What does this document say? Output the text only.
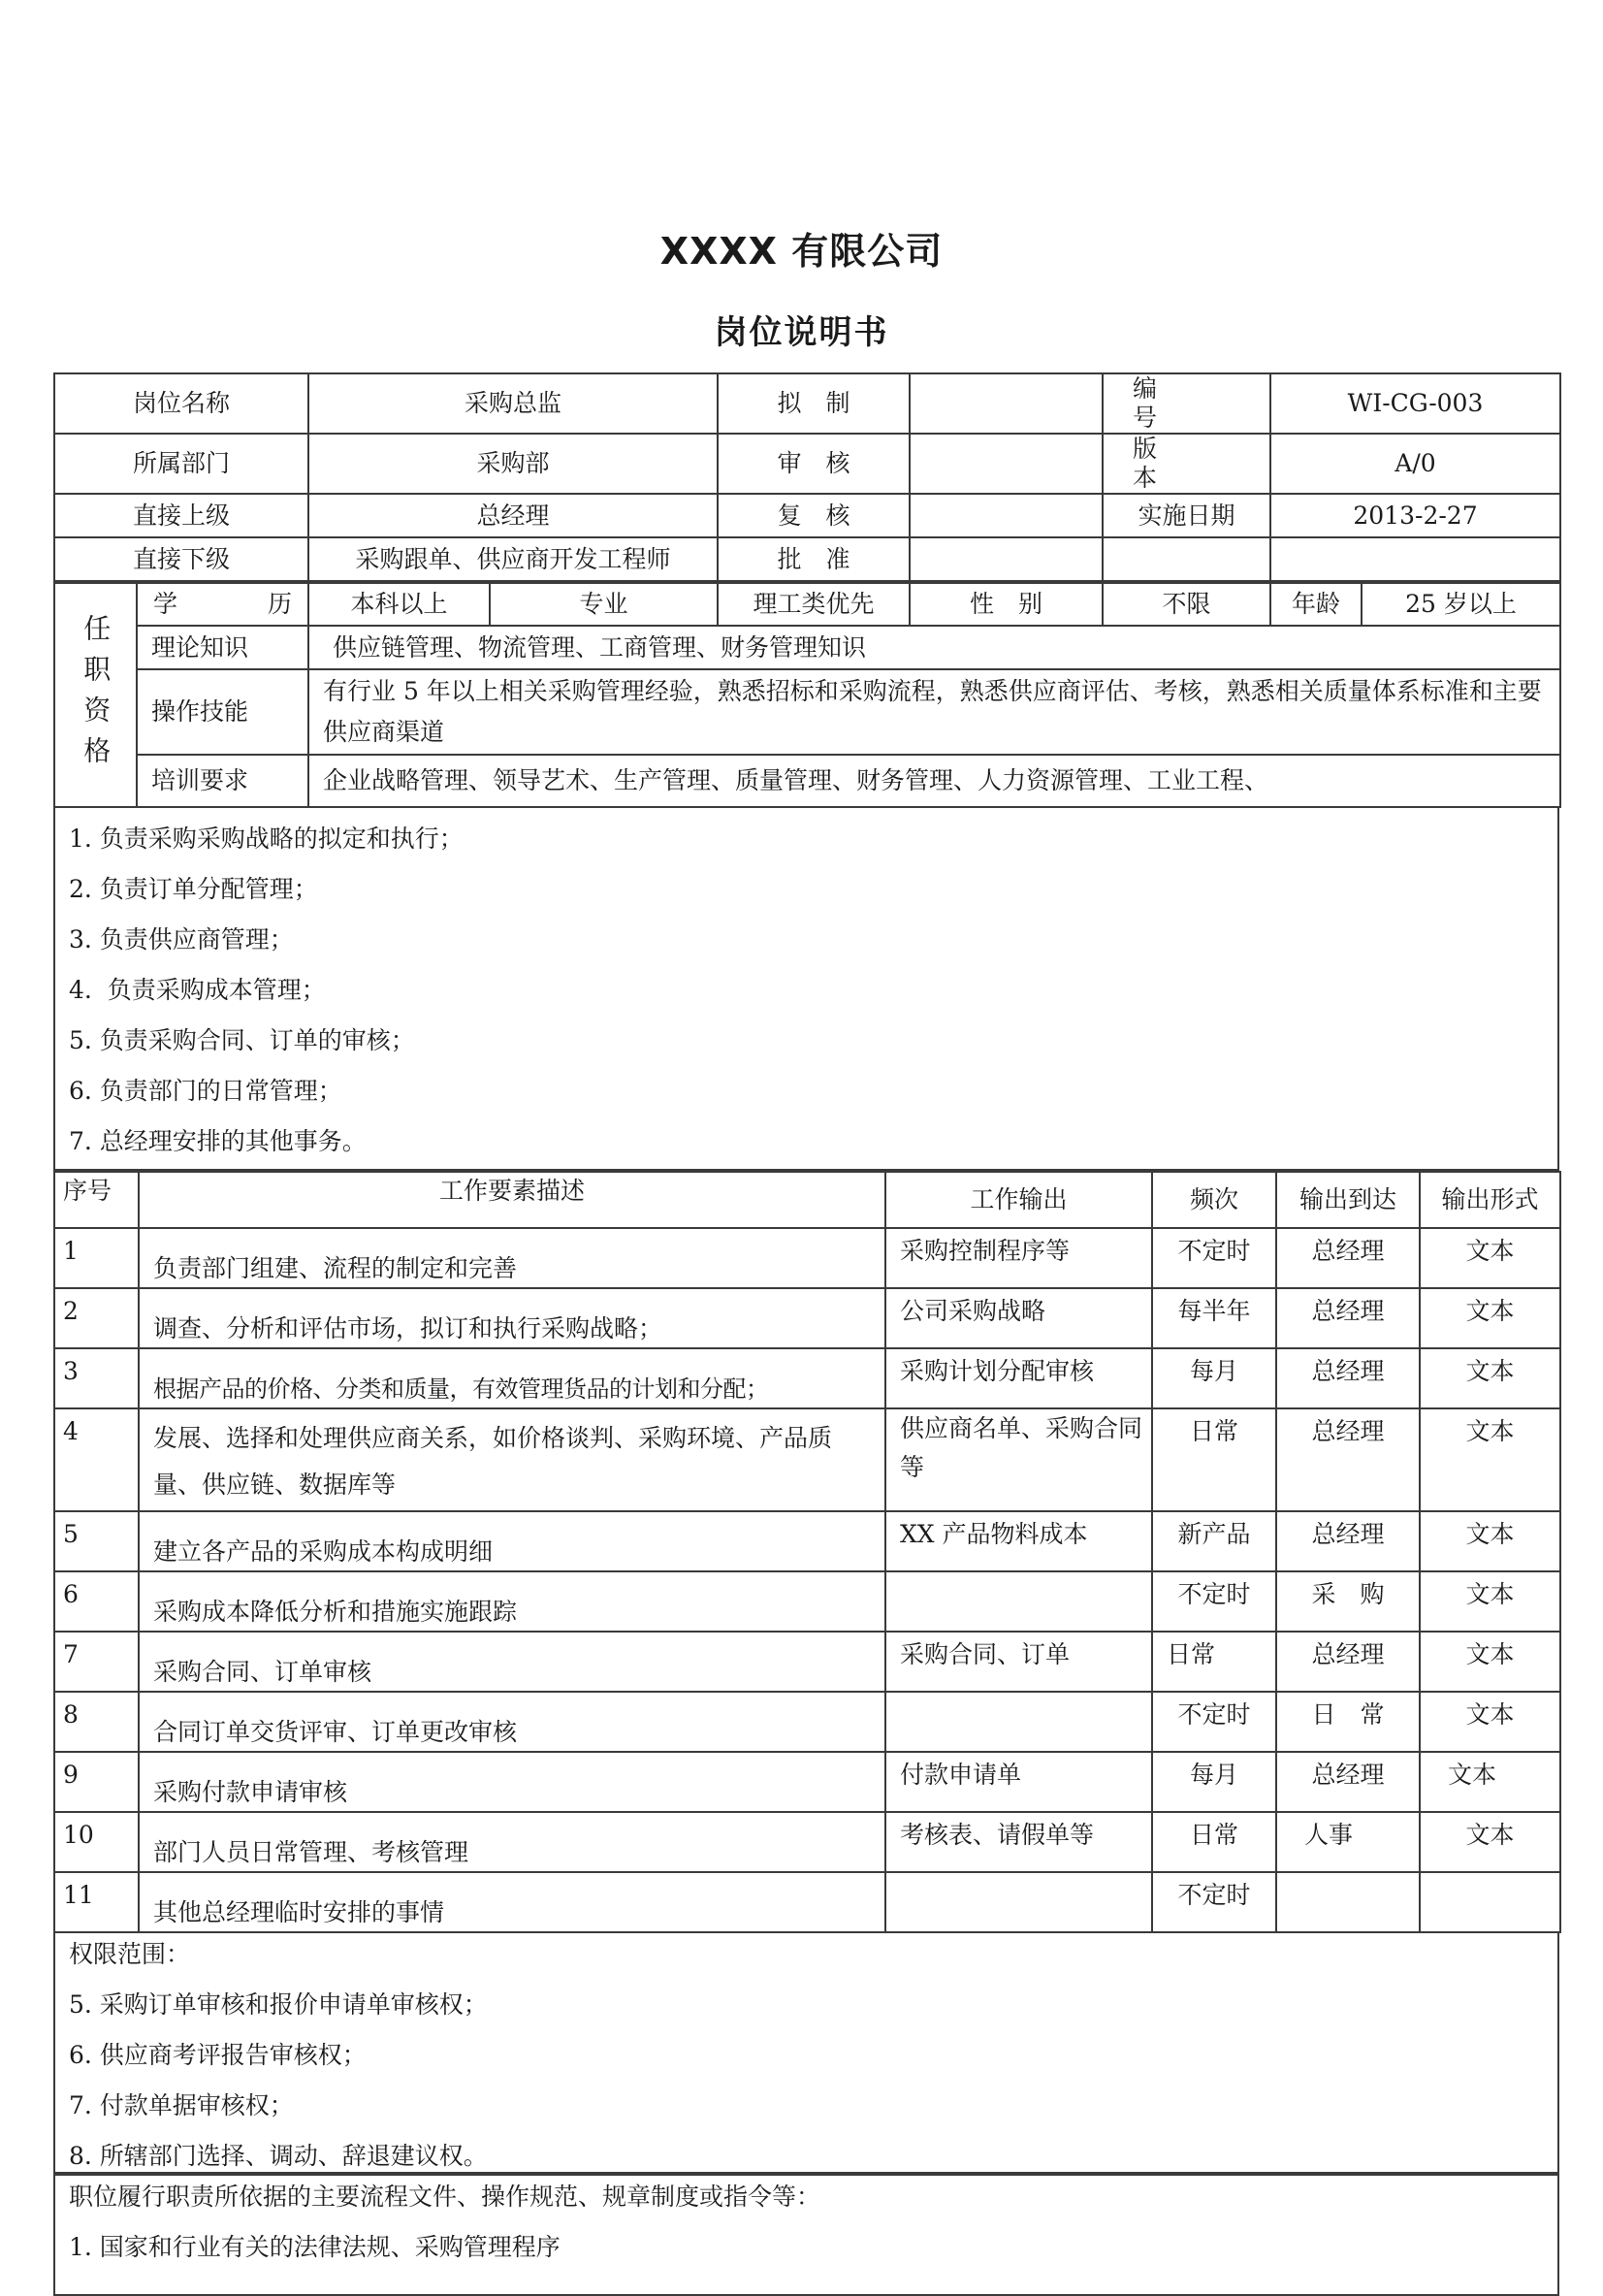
XXXX 有限公司
岗位说明书
岗位名称	采购总监	拟　制		编　　　号	WI-CG-003
所属部门	采购部	审　核		版　　　本	A/0
直接上级	总经理	复　核		实施日期	2013-2-27
直接下级	采购跟单、供应商开发工程师	批　准			
任职资格	学　　历	本科以上	专业	理工类优先	性　别	不限	年龄	25 岁以上
	理论知识	供应链管理、物流管理、工商管理、财务管理知识						
	操作技能	有行业 5 年以上相关采购管理经验，熟悉招标和采购流程，熟悉供应商评估、考核，熟悉相关质量体系标准和主要供应商渠道						
	培训要求	企业战略管理、领导艺术、生产管理、质量管理、财务管理、人力资源管理、工业工程、						
1. 负责采购采购战略的拟定和执行；
2. 负责订单分配管理；
3. 负责供应商管理；
4.  负责采购成本管理；
5. 负责采购合同、订单的审核；
6. 负责部门的日常管理；
7. 总经理安排的其他事务。
序号	工作要素描述	工作输出	频次	输出到达	输出形式
1	负责部门组建、流程的制定和完善	采购控制程序等	不定时	总经理	文本
2	调查、分析和评估市场，拟订和执行采购战略；	公司采购战略	每半年	总经理	文本
3	根据产品的价格、分类和质量，有效管理货品的计划和分配；	采购计划分配审核	每月	总经理	文本
4	发展、选择和处理供应商关系，如价格谈判、采购环境、产品质量、供应链、数据库等	供应商名单、采购合同等	日常	总经理	文本
5	建立各产品的采购成本构成明细	XX 产品物料成本	新产品	总经理	文本
6	采购成本降低分析和措施实施跟踪		不定时	采　购	文本
7	采购合同、订单审核	采购合同、订单	日常	总经理	文本
8	合同订单交货评审、订单更改审核		不定时	日　常	文本
9	采购付款申请审核	付款申请单	每月	总经理	文本
10	部门人员日常管理、考核管理	考核表、请假单等	日常	人事	文本
11	其他总经理临时安排的事情		不定时		
权限范围：
5. 采购订单审核和报价申请单审核权；
6. 供应商考评报告审核权；
7. 付款单据审核权；
8. 所辖部门选择、调动、辞退建议权。
职位履行职责所依据的主要流程文件、操作规范、规章制度或指令等：
1. 国家和行业有关的法律法规、采购管理程序
